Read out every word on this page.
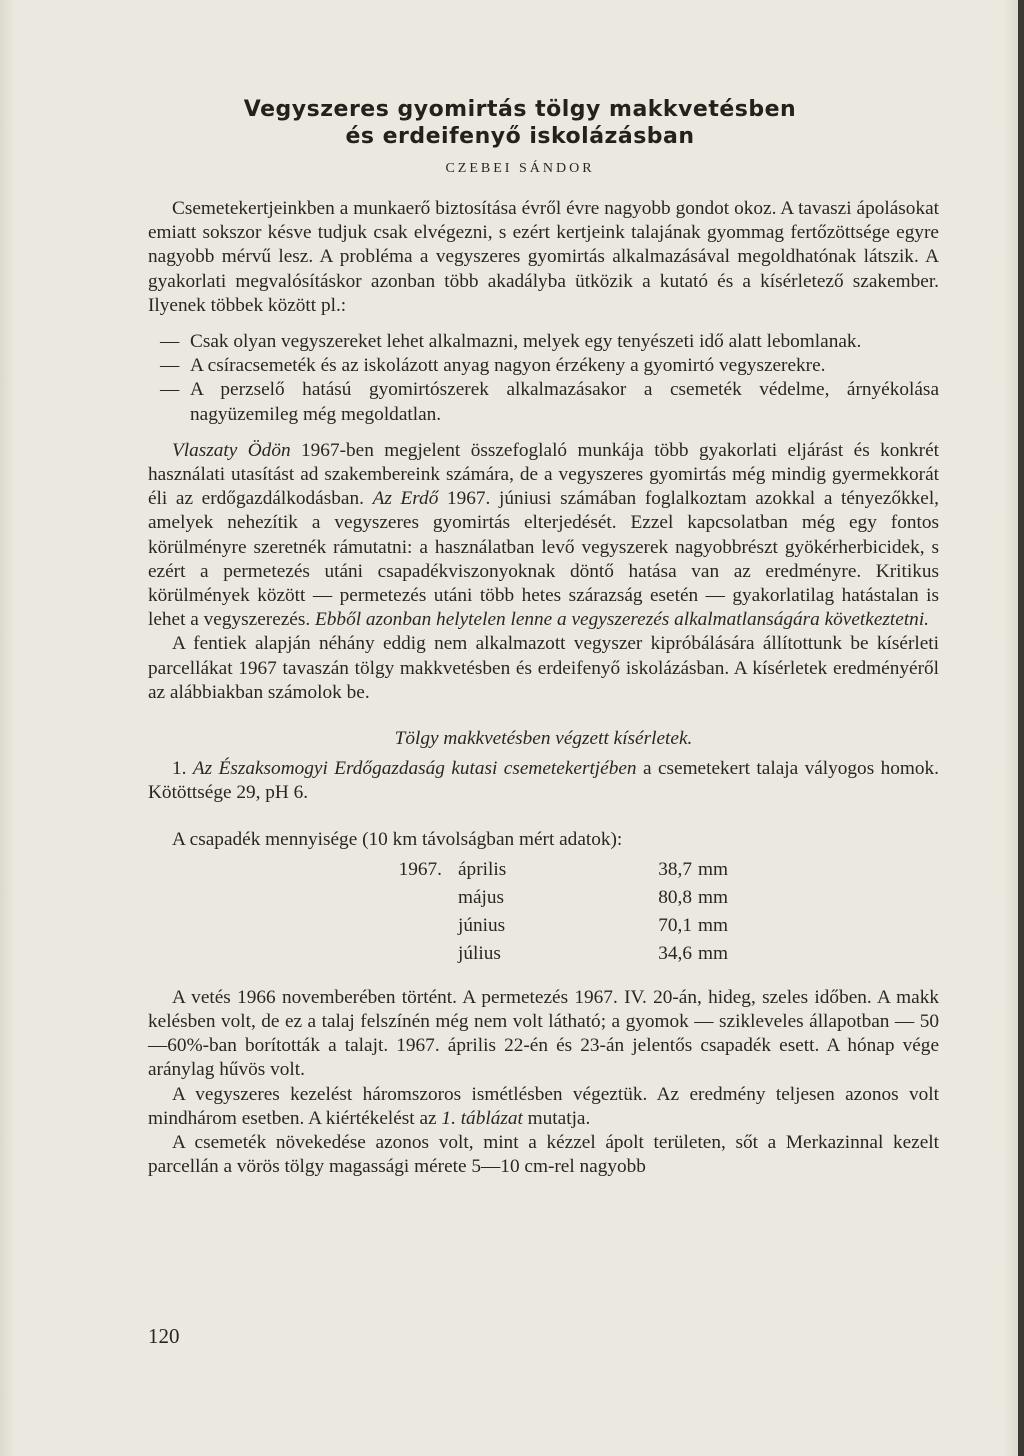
Vegyszeres gyomirtás tölgy makkvetésben
és erdeifenyő iskolázásban
CZEBEI SÁNDOR

Csemetekertjeinkben a munkaerő biztosítása évről évre nagyobb gondot okoz. A tavaszi ápolásokat emiatt sokszor késve tudjuk csak elvégezni, s ezért kertjeink talajának gyommag fertőzöttsége egyre nagyobb mérvű lesz. A probléma a vegyszeres gyomirtás alkalmazásával megoldhatónak látszik. A gyakorlati megvalósításkor azonban több akadályba ütközik a kutató és a kísérletező szakember. Ilyenek többek között pl.:

— Csak olyan vegyszereket lehet alkalmazni, melyek egy tenyészeti idő alatt lebomlanak.

— A csíracsemeték és az iskolázott anyag nagyon érzékeny a gyomirtó vegyszerekre.

— A perzselő hatású gyomirtószerek alkalmazásakor a csemeték védelme, árnyékolása nagyüzemileg még megoldatlan.

Vlaszaty Ödön 1967-ben megjelent összefoglaló munkája több gyakorlati eljárást és konkrét használati utasítást ad szakembereink számára, de a vegyszeres gyomirtás még mindig gyermekkorát éli az erdőgazdálkodásban. Az Erdő 1967. júniusi számában foglalkoztam azokkal a tényezőkkel, amelyek nehezítik a vegyszeres gyomirtás elterjedését. Ezzel kapcsolatban még egy fontos körülményre szeretnék rámutatni: a használatban levő vegyszerek nagyobbrészt gyökérherbicidek, s ezért a permetezés utáni csapadékviszonyoknak döntő hatása van az eredményre. Kritikus körülmények között — permetezés utáni több hetes szárazság esetén — gyakorlatilag hatástalan is lehet a vegyszerezés. Ebből azonban helytelen lenne a vegyszerezés alkalmatlanságára következtetni.

A fentiek alapján néhány eddig nem alkalmazott vegyszer kipróbálására állítottunk be kísérleti parcellákat 1967 tavaszán tölgy makkvetésben és erdeifenyő iskolázásban. A kísérletek eredményéről az alábbiakban számolok be.

Tölgy makkvetésben végzett kísérletek.

1. Az Északsomogyi Erdőgazdaság kutasi csemetekertjében a csemetekert talaja vályogos homok. Kötöttsége 29, pH 6.

A csapadék mennyisége (10 km távolságban mért adatok):

1967.	április	38,7	mm
	május	80,8	mm
	június	70,1	mm
	július	34,6	mm

A vetés 1966 novemberében történt. A permetezés 1967. IV. 20-án, hideg, szeles időben. A makk kelésben volt, de ez a talaj felszínén még nem volt látható; a gyomok — szikleveles állapotban — 50—60%-ban borították a talajt. 1967. április 22-én és 23-án jelentős csapadék esett. A hónap vége aránylag hűvös volt.

A vegyszeres kezelést háromszoros ismétlésben végeztük. Az eredmény teljesen azonos volt mindhárom esetben. A kiértékelést az 1. táblázat mutatja.

A csemeték növekedése azonos volt, mint a kézzel ápolt területen, sőt a Merkazinnal kezelt parcellán a vörös tölgy magassági mérete 5—10 cm-rel nagyobb

120
